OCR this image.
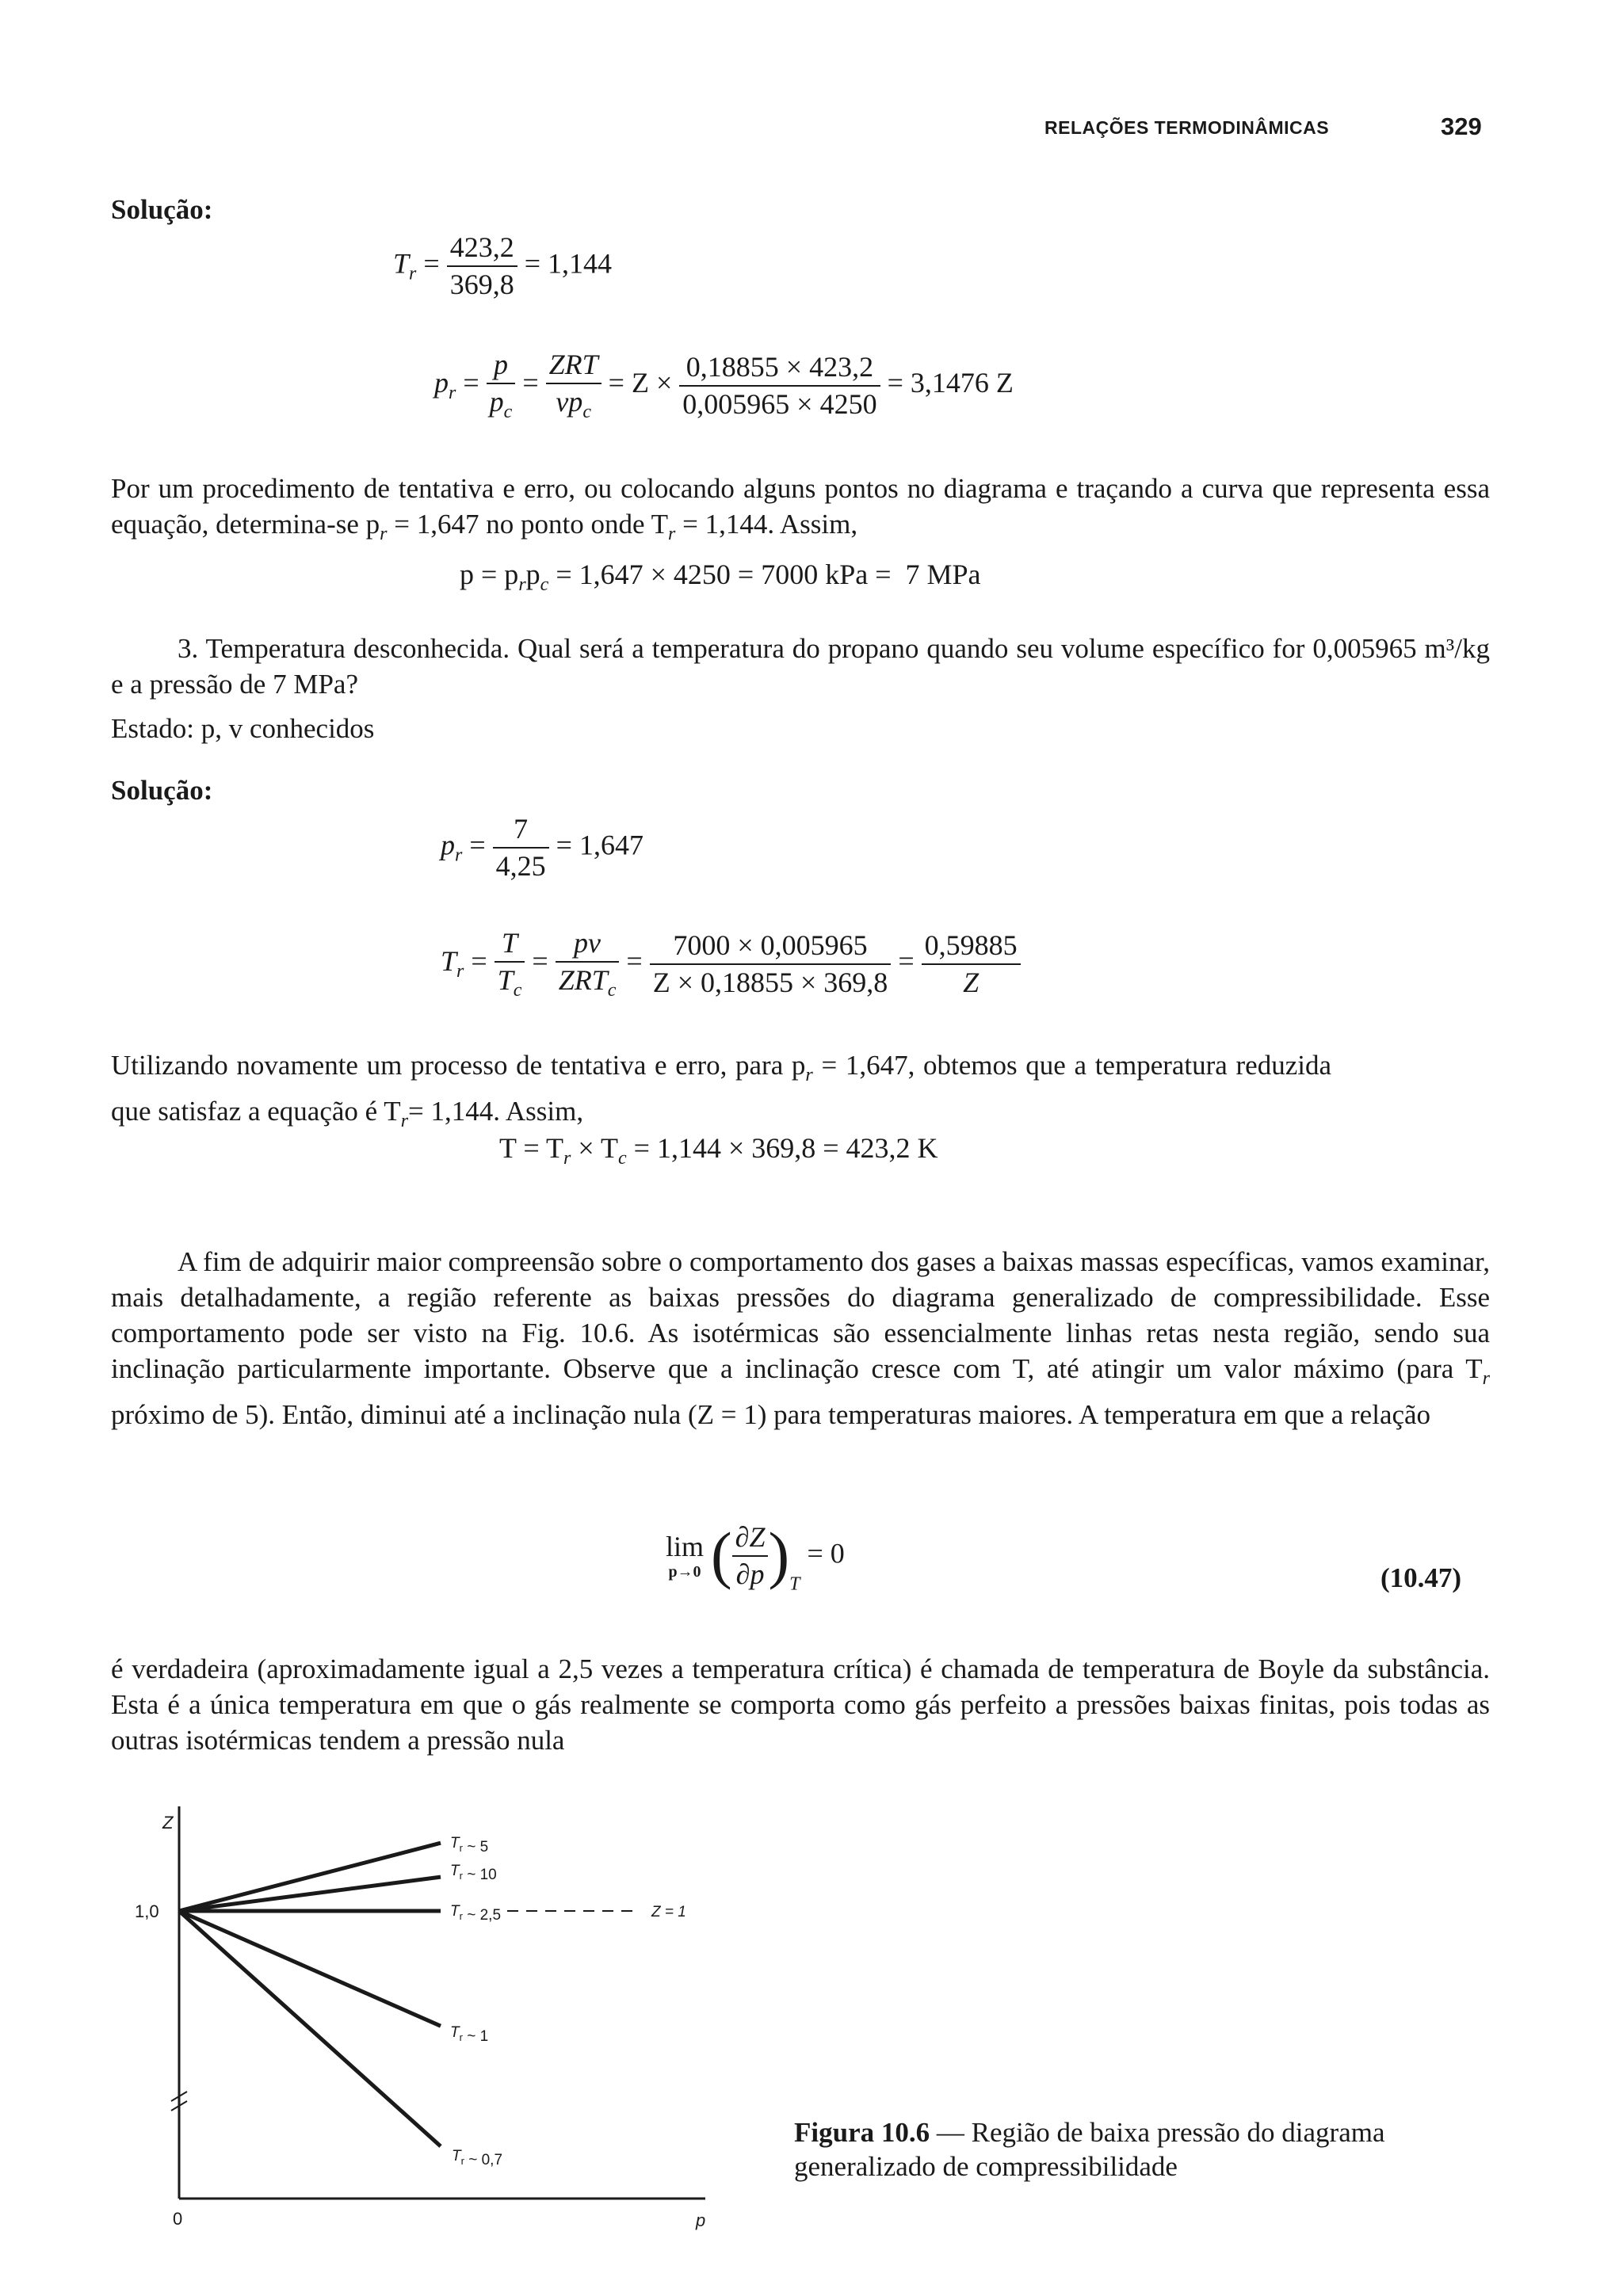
RELAÇÕES TERMODINÂMICAS	329
Solução:
$T_r = \frac{423,2}{369,8} = 1,144$
$p_r = \frac{p}{p_c} = \frac{\text{ZRT}}{vp_c} = Z \times \frac{0,18855 \times 423,2}{0,005965 \times 4250} = 3,1476$ Z
Por um procedimento de tentativa e erro, ou colocando alguns pontos no diagrama e traçando a curva que representa essa equação, determina-se $p_r = 1,647$ no ponto onde $T_r = 1,144$. Assim,
$p = p_rp_c = 1,647 \times 4250 = 7000$ kPa =  7 MPa
3. Temperatura desconhecida. Qual será a temperatura do propano quando seu volume específico for 0,005965 m³/kg e a pressão de 7 MPa?
Estado: p, v conhecidos
Solução:
$p_r = \frac{7}{4,25} = 1,647$
$T_r = \frac{T}{T_c} = \frac{pv}{ZRT_c} = \frac{7000 \times 0,005965}{Z \times 0,18855 \times 369,8} = \frac{0,59885}{Z}$
Utilizando novamente um processo de tentativa e erro, para $p_r = 1,647$, obtemos que a temperatura reduzida que satisfaz a equação é $T_r= 1,144$. Assim,
$T = T_r \times T_c = 1,144 \times 369,8 = 423,2$ K
A fim de adquirir maior compreensão sobre o comportamento dos gases a baixas massas específicas, vamos examinar, mais detalhadamente, a região referente as baixas pressões do diagrama generalizado de compressibilidade. Esse comportamento pode ser visto na Fig. 10.6. As isotérmicas são essencialmente linhas retas nesta região, sendo sua inclinação particularmente importante. Observe que a inclinação cresce com T, até atingir um valor máximo (para $T_r$ próximo de 5). Então, diminui até a inclinação nula (Z = 1) para temperaturas maiores. A temperatura em que a relação
lim
p→0 ( $\frac{\partial Z}{\partial p} )_T = 0$
(10.47)
é verdadeira (aproximadamente igual a 2,5 vezes a temperatura crítica) é chamada de temperatura de Boyle da substância. Esta é a única temperatura em que o gás realmente se comporta como gás perfeito a pressões baixas finitas, pois todas as outras isotérmicas tendem a pressão nula
Z
1,0
0	p
$T_r$ ~ 5
$T_r$ ~ 10
$T_r$ ~ 2,5
$T_r$ ~ 1
$T_r$ ~ 0,7
Z = 1
Figura 10.6 — Região de baixa pressão do diagrama generalizado de compressibilidade
